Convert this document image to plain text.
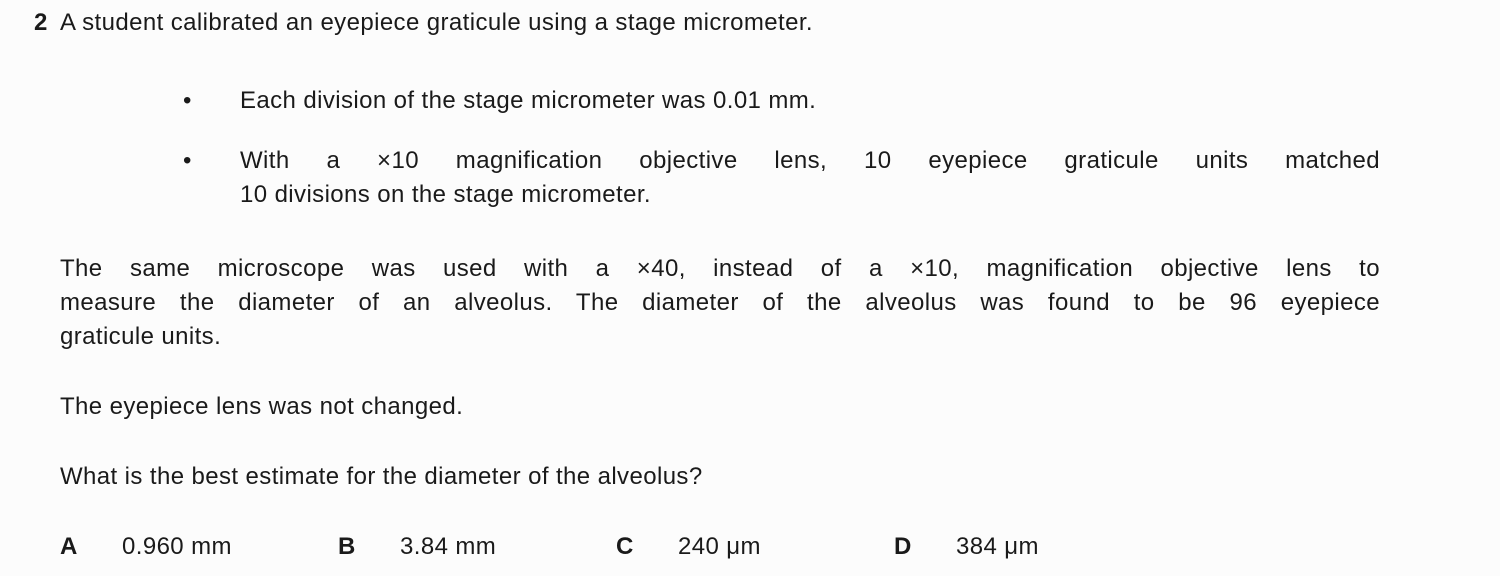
2 A student calibrated an eyepiece graticule using a stage micrometer.
• Each division of the stage micrometer was 0.01 mm.
• With a ×10 magnification objective lens, 10 eyepiece graticule units matched
10 divisions on the stage micrometer.
The same microscope was used with a ×40, instead of a ×10, magnification objective lens to
measure the diameter of an alveolus. The diameter of the alveolus was found to be 96 eyepiece
graticule units.
The eyepiece lens was not changed.
What is the best estimate for the diameter of the alveolus?
A	0.960 mm	B	3.84 mm	C	240 μm	D	384 μm
